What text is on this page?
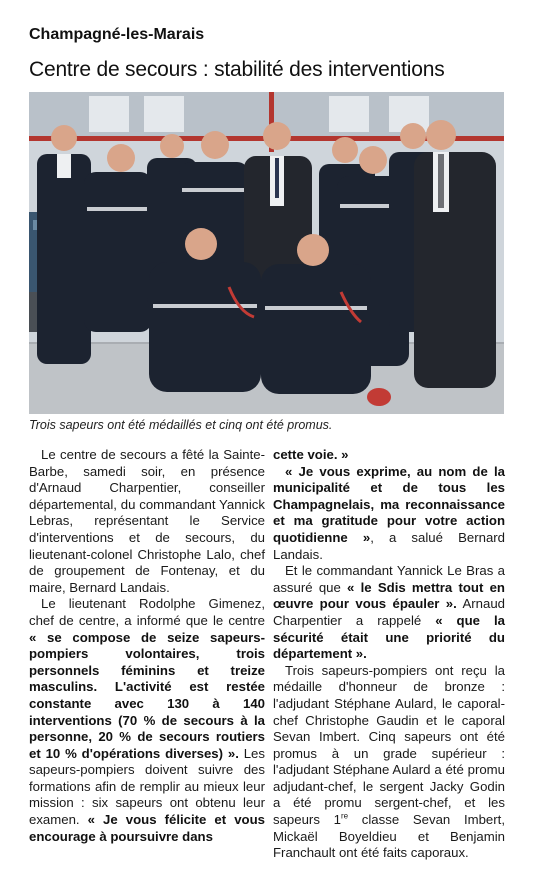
Champagné-les-Marais
Centre de secours : stabilité des interventions
Trois sapeurs ont été médaillés et cinq ont été promus.

Le centre de secours a fêté la Sainte-Barbe, samedi soir, en présence d'Arnaud Charpentier, conseiller départemental, du commandant Yannick Lebras, représentant le Service d'interventions et de secours, du lieutenant-colonel Christophe Lalo, chef de groupement de Fontenay, et du maire, Bernard Landais.

Le lieutenant Rodolphe Gimenez, chef de centre, a informé que le centre « se compose de seize sapeurs-pompiers volontaires, trois personnels féminins et treize masculins. L'activité est restée constante avec 130 à 140 interventions (70 % de secours à la personne, 20 % de secours routiers et 10 % d'opérations diverses) ». Les sapeurs-pompiers doivent suivre des formations afin de remplir au mieux leur mission : six sapeurs ont obtenu leur examen. « Je vous félicite et vous encourage à poursuivre dans

cette voie. »

« Je vous exprime, au nom de la municipalité et de tous les Champagnelais, ma reconnaissance et ma gratitude pour votre action quotidienne », a salué Bernard Landais.

Et le commandant Yannick Le Bras a assuré que « le Sdis mettra tout en œuvre pour vous épauler ». Arnaud Charpentier a rappelé « que la sécurité était une priorité du département ».

Trois sapeurs-pompiers ont reçu la médaille d'honneur de bronze : l'adjudant Stéphane Aulard, le caporal-chef Christophe Gaudin et le caporal Sevan Imbert. Cinq sapeurs ont été promus à un grade supérieur : l'adjudant Stéphane Aulard a été promu adjudant-chef, le sergent Jacky Godin a été promu sergent-chef, et les sapeurs 1re classe Sevan Imbert, Mickaël Boyeldieu et Benjamin Franchault ont été faits caporaux.
